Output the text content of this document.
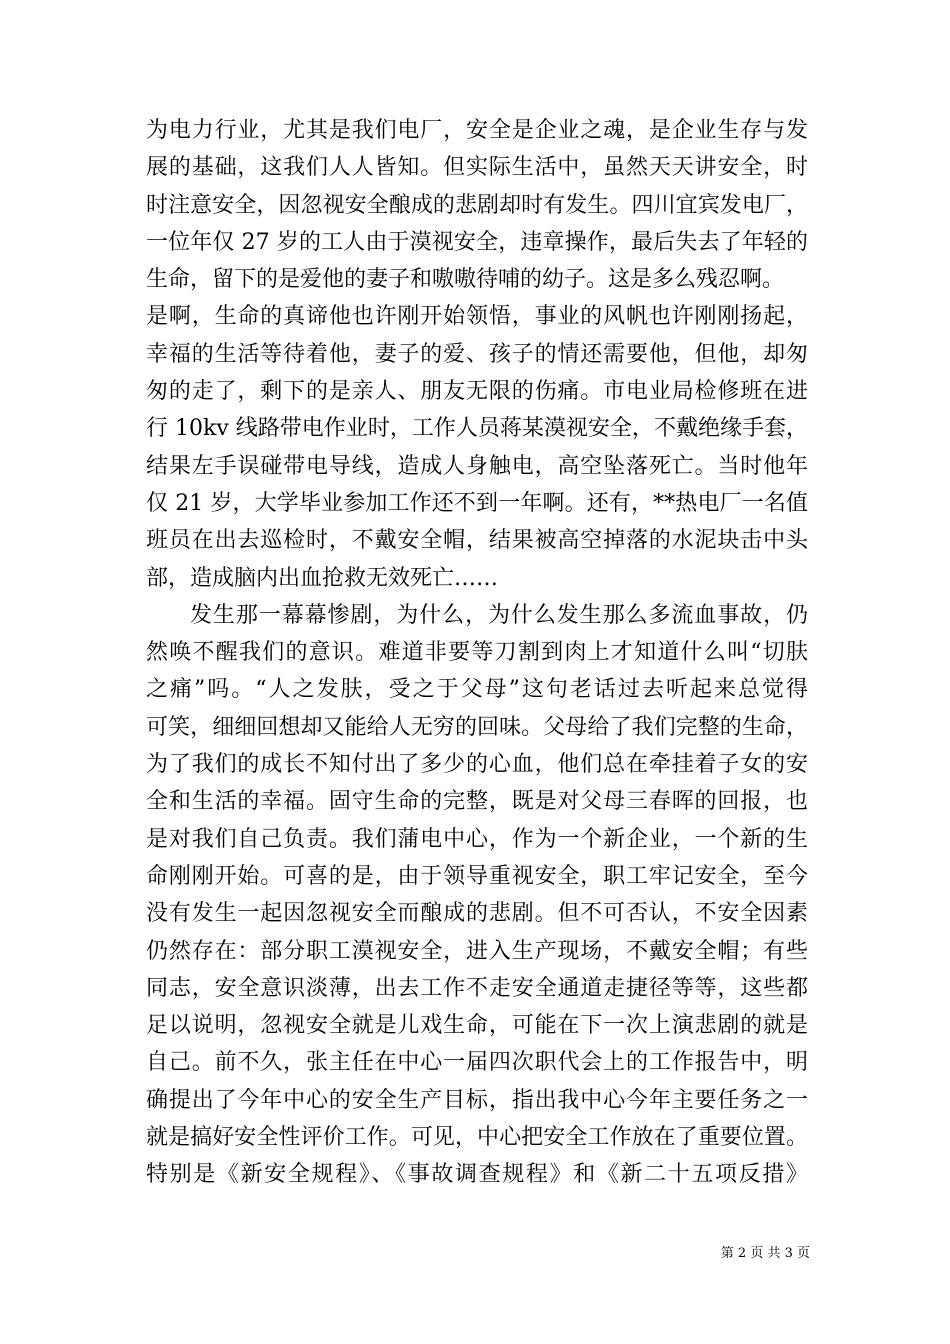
为电力行业，尤其是我们电厂，安全是企业之魂，是企业生存与发
展的基础，这我们人人皆知。但实际生活中，虽然天天讲安全，时
时注意安全，因忽视安全酿成的悲剧却时有发生。四川宜宾发电厂，
一位年仅 27 岁的工人由于漠视安全，违章操作，最后失去了年轻的
生命，留下的是爱他的妻子和嗷嗷待哺的幼子。这是多么残忍啊。
是啊，生命的真谛他也许刚开始领悟，事业的风帆也许刚刚扬起，
幸福的生活等待着他，妻子的爱、孩子的情还需要他，但他，却匆
匆的走了，剩下的是亲人、朋友无限的伤痛。市电业局检修班在进
行 10kv 线路带电作业时，工作人员蒋某漠视安全，不戴绝缘手套，
结果左手误碰带电导线，造成人身触电，高空坠落死亡。当时他年
仅 21 岁，大学毕业参加工作还不到一年啊。还有，**热电厂一名值
班员在出去巡检时，不戴安全帽，结果被高空掉落的水泥块击中头
部，造成脑内出血抢救无效死亡……
发生那一幕幕惨剧，为什么，为什么发生那么多流血事故，仍
然唤不醒我们的意识。难道非要等刀割到肉上才知道什么叫“切肤
之痛”吗。“人之发肤，受之于父母”这句老话过去听起来总觉得
可笑，细细回想却又能给人无穷的回味。父母给了我们完整的生命，
为了我们的成长不知付出了多少的心血，他们总在牵挂着子女的安
全和生活的幸福。固守生命的完整，既是对父母三春晖的回报，也
是对我们自己负责。我们蒲电中心，作为一个新企业，一个新的生
命刚刚开始。可喜的是，由于领导重视安全，职工牢记安全，至今
没有发生一起因忽视安全而酿成的悲剧。但不可否认，不安全因素
仍然存在：部分职工漠视安全，进入生产现场，不戴安全帽；有些
同志，安全意识淡薄，出去工作不走安全通道走捷径等等，这些都
足以说明，忽视安全就是儿戏生命，可能在下一次上演悲剧的就是
自己。前不久，张主任在中心一届四次职代会上的工作报告中，明
确提出了今年中心的安全生产目标，指出我中心今年主要任务之一
就是搞好安全性评价工作。可见，中心把安全工作放在了重要位置。
特别是《新安全规程》、《事故调查规程》和《新二十五项反措》
第 2 页 共 3 页
